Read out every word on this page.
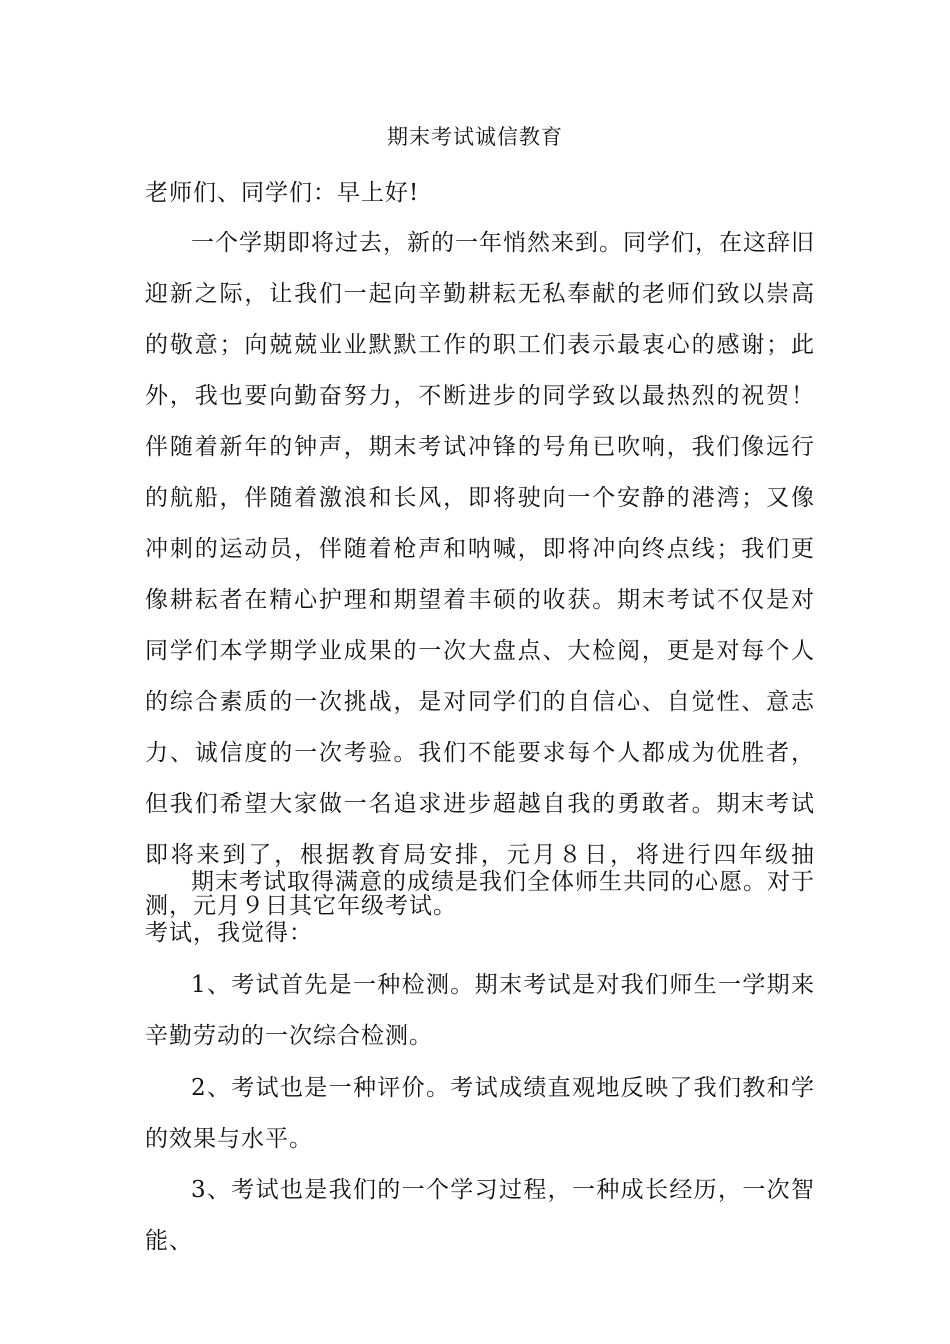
期末考试诚信教育

老师们、同学们：早上好!

一个学期即将过去，新的一年悄然来到。同学们，在这辞旧迎新之际，让我们一起向辛勤耕耘无私奉献的老师们致以崇高的敬意；向兢兢业业默默工作的职工们表示最衷心的感谢；此外，我也要向勤奋努力，不断进步的同学致以最热烈的祝贺！伴随着新年的钟声，期末考试冲锋的号角已吹响，我们像远行的航船，伴随着激浪和长风，即将驶向一个安静的港湾；又像冲刺的运动员，伴随着枪声和呐喊，即将冲向终点线；我们更像耕耘者在精心护理和期望着丰硕的收获。期末考试不仅是对同学们本学期学业成果的一次大盘点、大检阅，更是对每个人的综合素质的一次挑战，是对同学们的自信心、自觉性、意志力、诚信度的一次考验。我们不能要求每个人都成为优胜者，但我们希望大家做一名追求进步超越自我的勇敢者。期末考试即将来到了，根据教育局安排，元月８日，将进行四年级抽测，元月９日其它年级考试。

期末考试取得满意的成绩是我们全体师生共同的心愿。对于考试，我觉得：

1、考试首先是一种检测。期末考试是对我们师生一学期来辛勤劳动的一次综合检测。

2、考试也是一种评价。考试成绩直观地反映了我们教和学的效果与水平。

3、考试也是我们的一个学习过程，一种成长经历，一次智能、
